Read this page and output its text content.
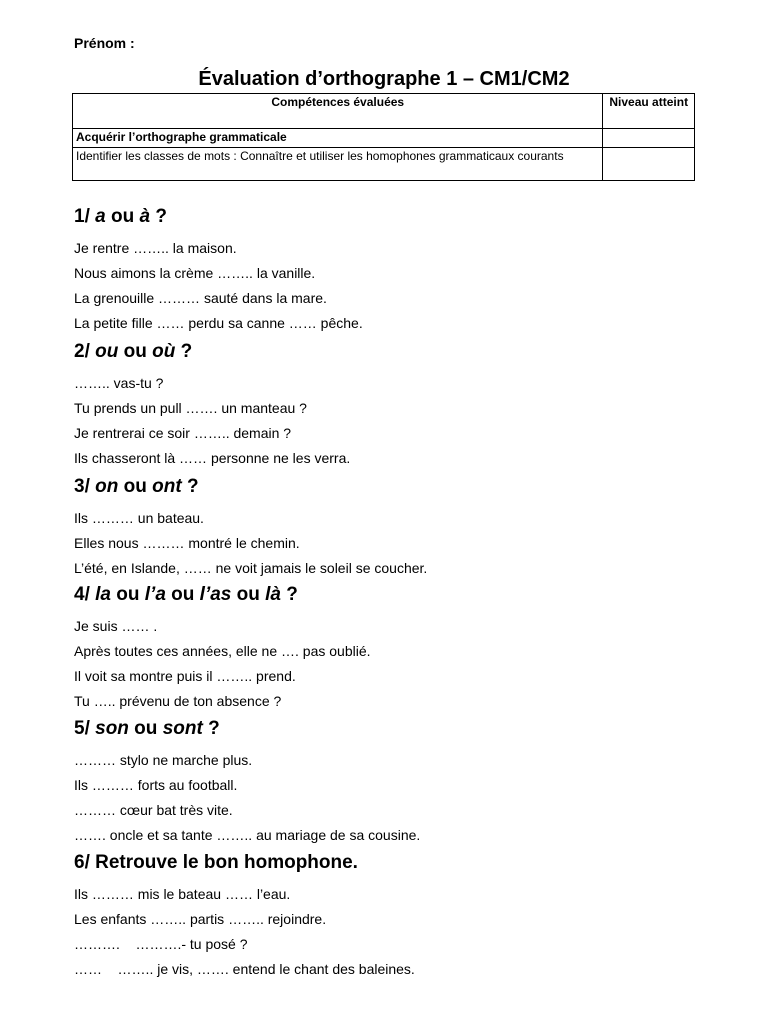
Prénom :
Évaluation d’orthographe 1 – CM1/CM2
Compétences évaluées	Niveau atteint
Acquérir l’orthographe grammaticale	
Identifier les classes de mots : Connaître et utiliser les homophones grammaticaux courants	
1/ a ou à ?

Je rentre …….. la maison.

Nous aimons la crème …….. la vanille.

La grenouille ……… sauté dans la mare.

La petite fille …… perdu sa canne …… pêche.

2/ ou ou où ?

…….. vas-tu ?

Tu prends un pull ……. un manteau ?

Je rentrerai ce soir …….. demain ?

Ils chasseront là …… personne ne les verra.

3/ on ou ont ?

Ils ……… un bateau.

Elles nous ……… montré le chemin.

L’été, en Islande, …… ne voit jamais le soleil se coucher.

4/ la ou l’a ou l’as ou là ?

Je suis …… .

Après toutes ces années, elle ne …. pas oublié.

Il voit sa montre puis il …….. prend.

Tu ….. prévenu de ton absence ?

5/ son ou sont ?

……… stylo ne marche plus.

Ils ……… forts au football.

……… cœur bat très vite.

……. oncle et sa tante …….. au mariage de sa cousine.

6/ Retrouve le bon homophone.

Ils ……… mis le bateau …… l’eau.

Les enfants …….. partis …….. rejoindre.

……….    ……….- tu posé ?

……    …….. je vis, ……. entend le chant des baleines.
